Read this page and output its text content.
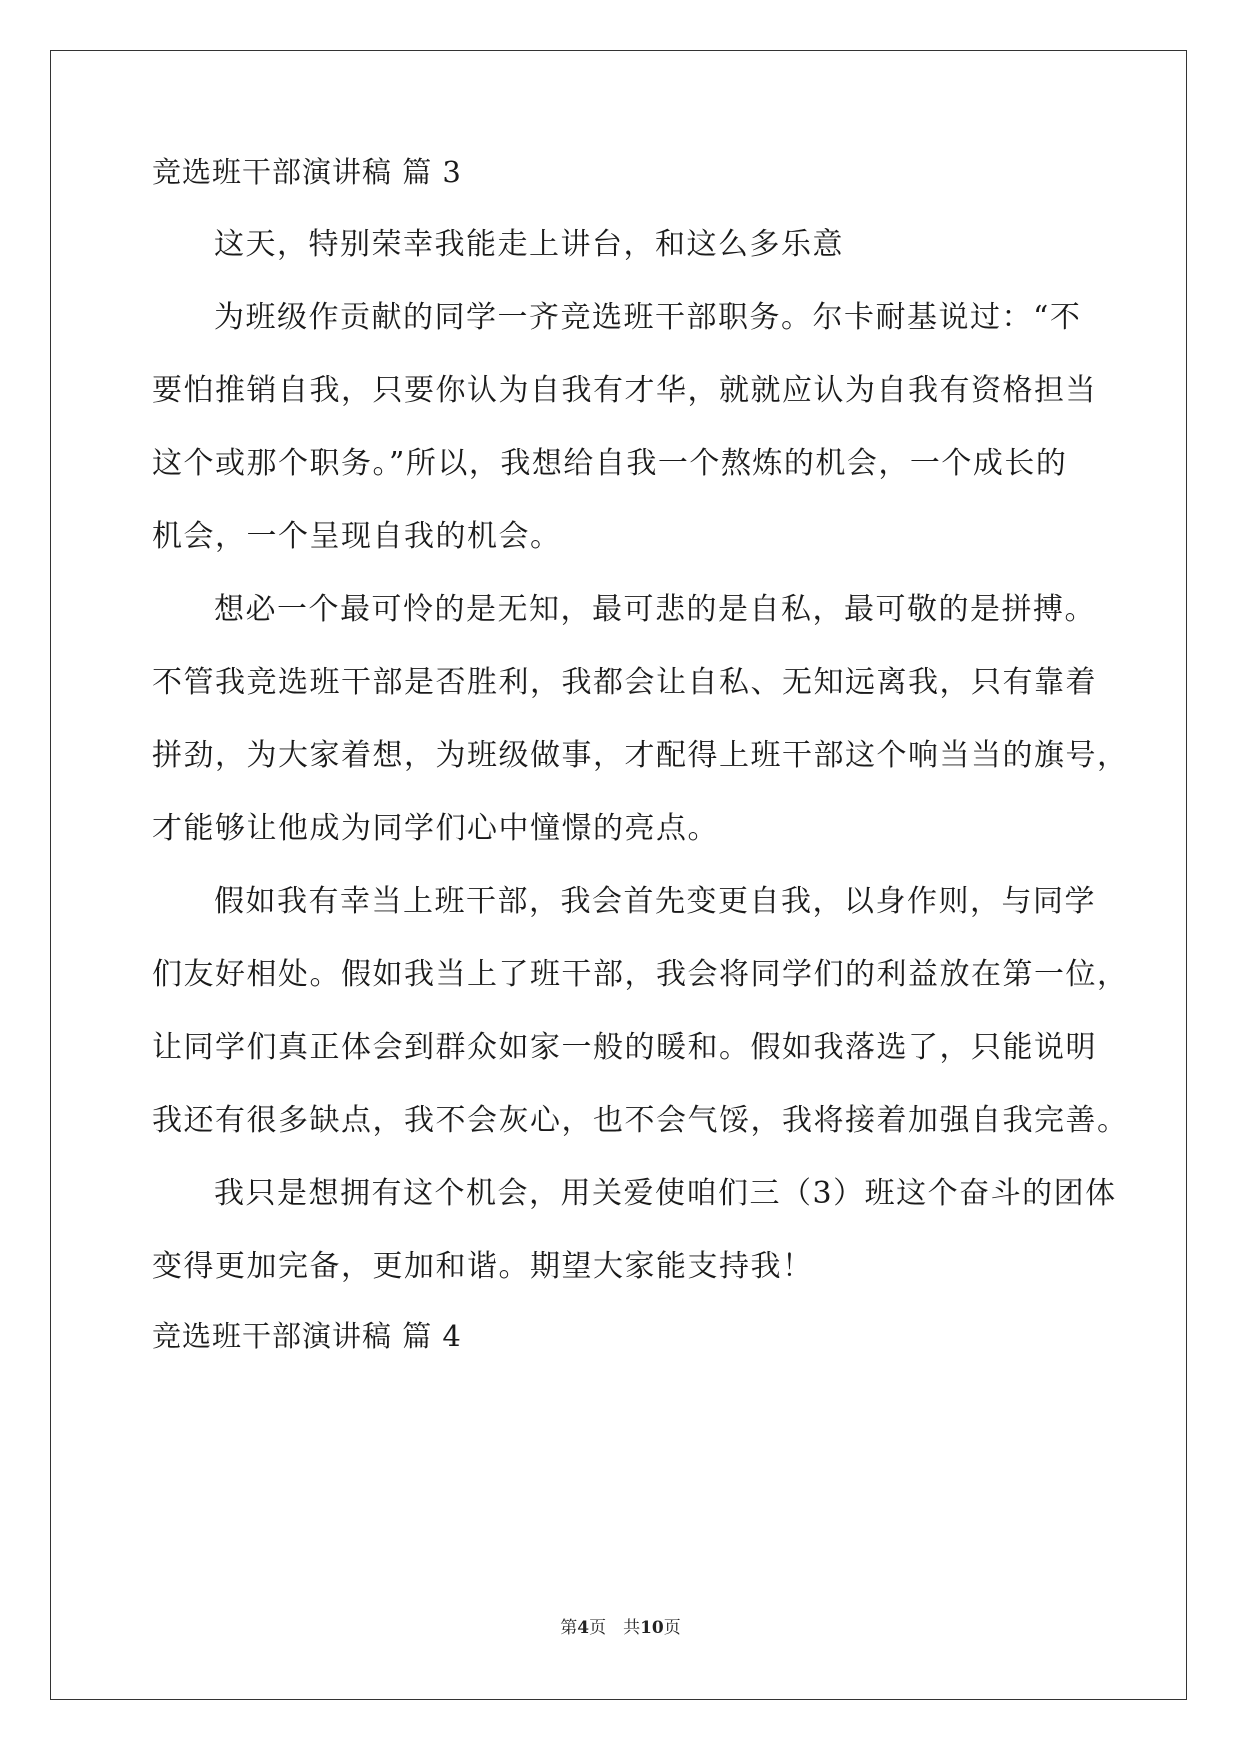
竞选班干部演讲稿 篇 3
这天，特别荣幸我能走上讲台，和这么多乐意
为班级作贡献的同学一齐竞选班干部职务。尔卡耐基说过：“不
要怕推销自我，只要你认为自我有才华，就就应认为自我有资格担当
这个或那个职务。”所以，我想给自我一个熬炼的机会，一个成长的
机会，一个呈现自我的机会。
想必一个最可怜的是无知，最可悲的是自私，最可敬的是拼搏。
不管我竞选班干部是否胜利，我都会让自私、无知远离我，只有靠着
拼劲，为大家着想，为班级做事，才配得上班干部这个响当当的旗号，
才能够让他成为同学们心中憧憬的亮点。
假如我有幸当上班干部，我会首先变更自我，以身作则，与同学
们友好相处。假如我当上了班干部，我会将同学们的利益放在第一位，
让同学们真正体会到群众如家一般的暖和。假如我落选了，只能说明
我还有很多缺点，我不会灰心，也不会气馁，我将接着加强自我完善。
我只是想拥有这个机会，用关爱使咱们三（3）班这个奋斗的团体
变得更加完备，更加和谐。期望大家能支持我！
竞选班干部演讲稿 篇 4
第4页　共10页
